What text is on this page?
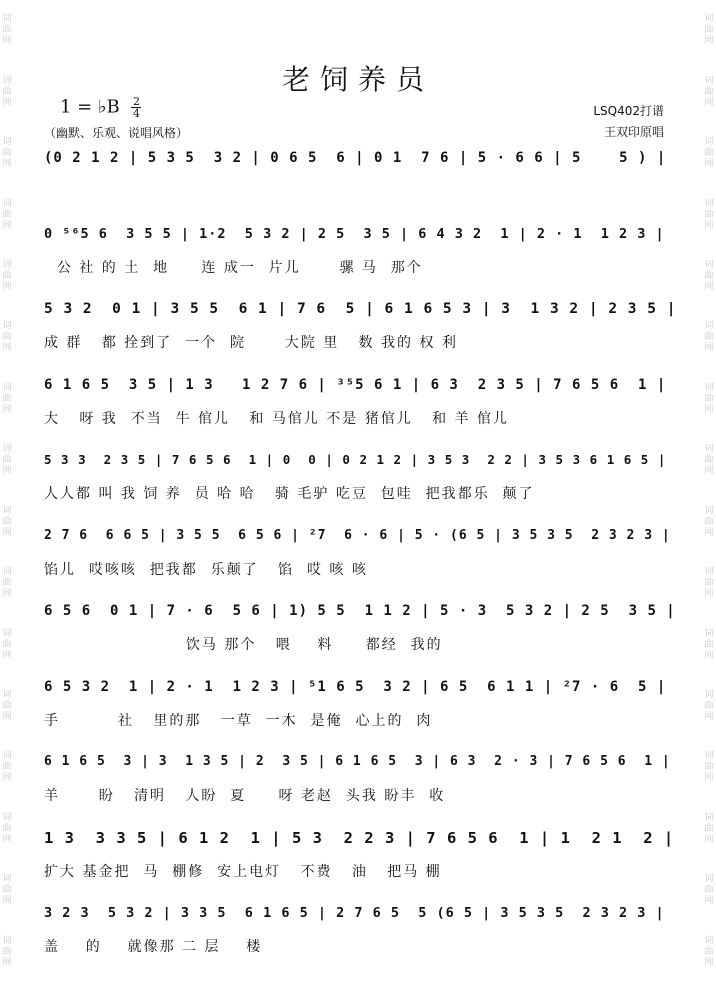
词曲网
词曲网
词曲网
词曲网
词曲网
词曲网
词曲网
词曲网
词曲网
词曲网
词曲网
词曲网
词曲网
词曲网
词曲网
词曲网
词曲网
词曲网
词曲网
词曲网
词曲网
词曲网
词曲网
词曲网
词曲网
词曲网
词曲网
词曲网
词曲网
词曲网
词曲网
词曲网
老饲养员
1 = ♭B $\frac{2}{4}$
（幽默、乐观、说唱风格）
LSQ402打谱
王双印原唱
(0 2 1 2 | 5 3 5  3 2 | 0 6 5  6 | 0 1  7 6 | 5 · 6 6 | 5    5 ) |
0 ⁵⁶5 6  3 5 5 | 1·2  5 3 2 | 2 5  3 5 | 6 4 3 2  1 | 2 · 1  1 2 3 |
公 社 的 土  地     连 成一  片儿      骡 马  那个
5 3 2  0 1 | 3 5 5  6 1 | 7 6  5 | 6 1 6 5 3 | 3  1 3 2 | 2 3 5 |
成 群   都 拴到了  一个  院      大院 里   数 我的 权 利
6 1 6 5  3 5 | 1 3   1 2 7 6 | ³⁵5 6 1 | 6 3  2 3 5 | 7 6 5 6  1 |
大   呀 我  不当  牛 倌儿   和 马倌儿 不是 猪倌儿   和 羊 倌儿
5 3 3  2 3 5 | 7 6 5 6  1 | 0  0 | 0 2 1 2 | 3 5 3  2 2 | 3 5 3 6 1 6 5 |
人人都 叫 我 饲 养  员 哈 哈   骑 毛驴 吃豆  包哇  把我都乐  颠了
2 7 6  6 6 5 | 3 5 5  6 5 6 | ²7  6 · 6 | 5 · (6 5 | 3 5 3 5  2 3 2 3 |
馅儿  哎咳咳  把我都  乐颠了   馅  哎 咳 咳
6 5 6  0 1 | 7 · 6  5 6 | 1) 5 5  1 1 2 | 5 · 3  5 3 2 | 2 5  3 5 |
饮马 那个   喂    料     都经  我的
6 5 3 2  1 | 2 · 1  1 2 3 | ⁵1 6 5  3 2 | 6 5  6 1 1 | ²7 · 6  5 |
手         社   里的那   一草  一木  是俺  心上的  肉
6 1 6 5  3 | 3  1 3 5 | 2  3 5 | 6 1 6 5  3 | 6 3  2 · 3 | 7 6 5 6  1 |
羊      盼   清明   人盼  夏     呀 老赵  头我 盼丰  收
1 3  3 3 5 | 6 1 2  1 | 5 3  2 2 3 | 7 6 5 6  1 | 1  2 1  2 |
扩大 基金把  马  棚修  安上电灯   不费   油   把马 棚
3 2 3  5 3 2 | 3 3 5  6 1 6 5 | 2 7 6 5  5 (6 5 | 3 5 3 5  2 3 2 3 |
盖    的    就像那 二 层    楼
